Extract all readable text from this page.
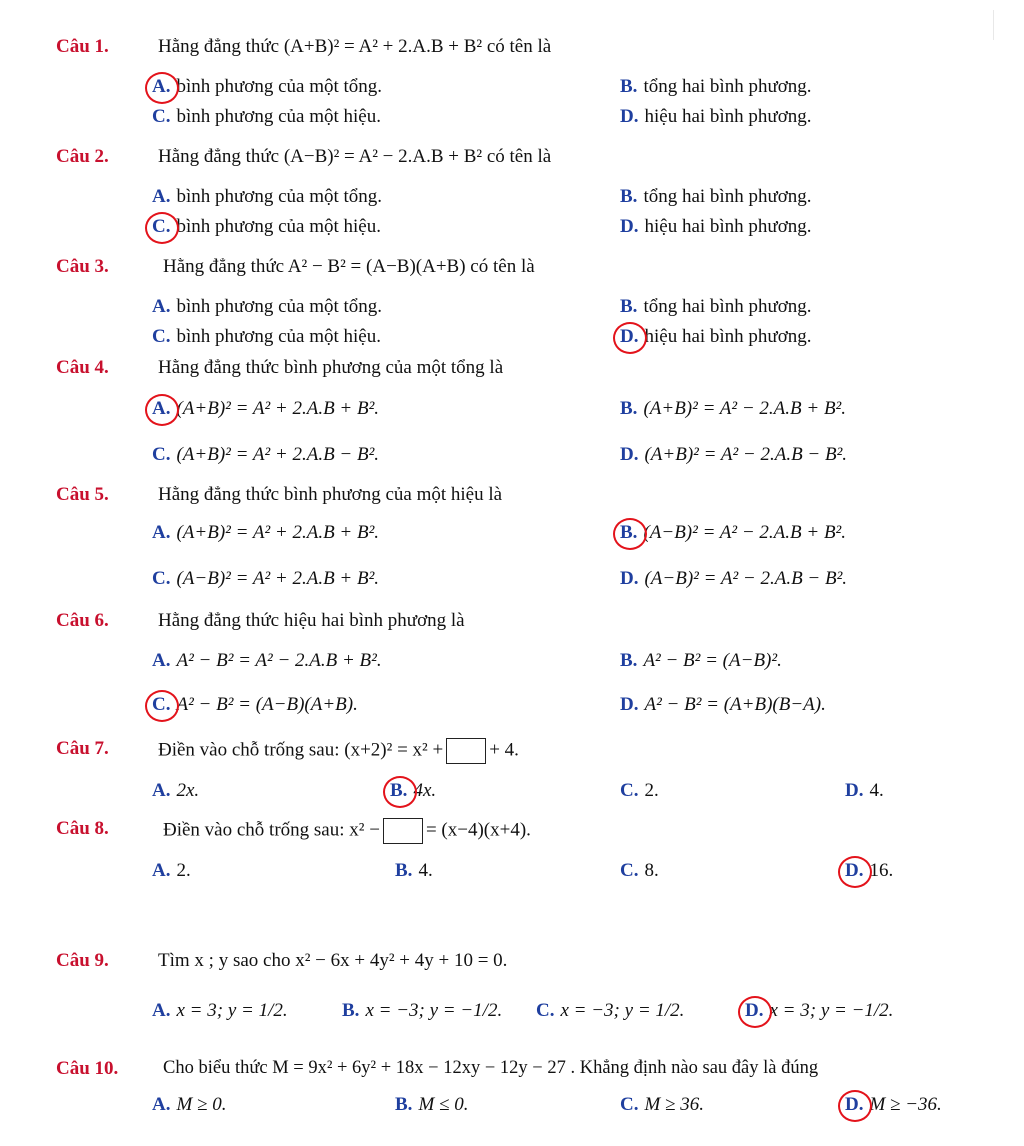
Câu 1.	Hằng đẳng thức (A+B)² = A² + 2.A.B + B² có tên là
A. bình phương của một tổng.	B. tổng hai bình phương.
C. bình phương của một hiệu.	D. hiệu hai bình phương.
Câu 2.	Hằng đẳng thức (A−B)² = A² − 2.A.B + B² có tên là
A. bình phương của một tổng.	B. tổng hai bình phương.
C. bình phương của một hiệu.	D. hiệu hai bình phương.
Câu 3.	Hằng đẳng thức A² − B² = (A−B)(A+B) có tên là
A. bình phương của một tổng.	B. tổng hai bình phương.
C. bình phương của một hiệu.	D. hiệu hai bình phương.
Câu 4.	Hằng đẳng thức bình phương của một tổng là
A. (A+B)² = A² + 2.A.B + B².	B. (A+B)² = A² − 2.A.B + B².
C. (A+B)² = A² + 2.A.B − B².	D. (A+B)² = A² − 2.A.B − B².
Câu 5.	Hằng đẳng thức bình phương của một hiệu là
A. (A+B)² = A² + 2.A.B + B².	B. (A−B)² = A² − 2.A.B + B².
C. (A−B)² = A² + 2.A.B + B².	D. (A−B)² = A² − 2.A.B − B².
Câu 6.	Hằng đẳng thức hiệu hai bình phương là
A. A² − B² = A² − 2.A.B + B².	B. A² − B² = (A−B)².
C. A² − B² = (A−B)(A+B).	D. A² − B² = (A+B)(B−A).
Câu 7.	Điền vào chỗ trống sau: (x+2)² = x² + + 4.
A. 2x.	B. 4x.	C. 2.	D. 4.
Câu 8.	Điền vào chỗ trống sau: x² − = (x−4)(x+4).
A. 2.	B. 4.	C. 8.	D. 16.
Câu 9.	Tìm x ; y sao cho x² − 6x + 4y² + 4y + 10 = 0.
A. x = 3; y = 1/2.	B. x = −3; y = −1/2. C. x = −3; y = 1/2.	D. x = 3; y = −1/2.
Câu 10. Cho biểu thức M = 9x² + 6y² + 18x − 12xy − 12y − 27 . Khẳng định nào sau đây là đúng
A. M ≥ 0.	B. M ≤ 0.	C. M ≥ 36.	D. M ≥ −36.
